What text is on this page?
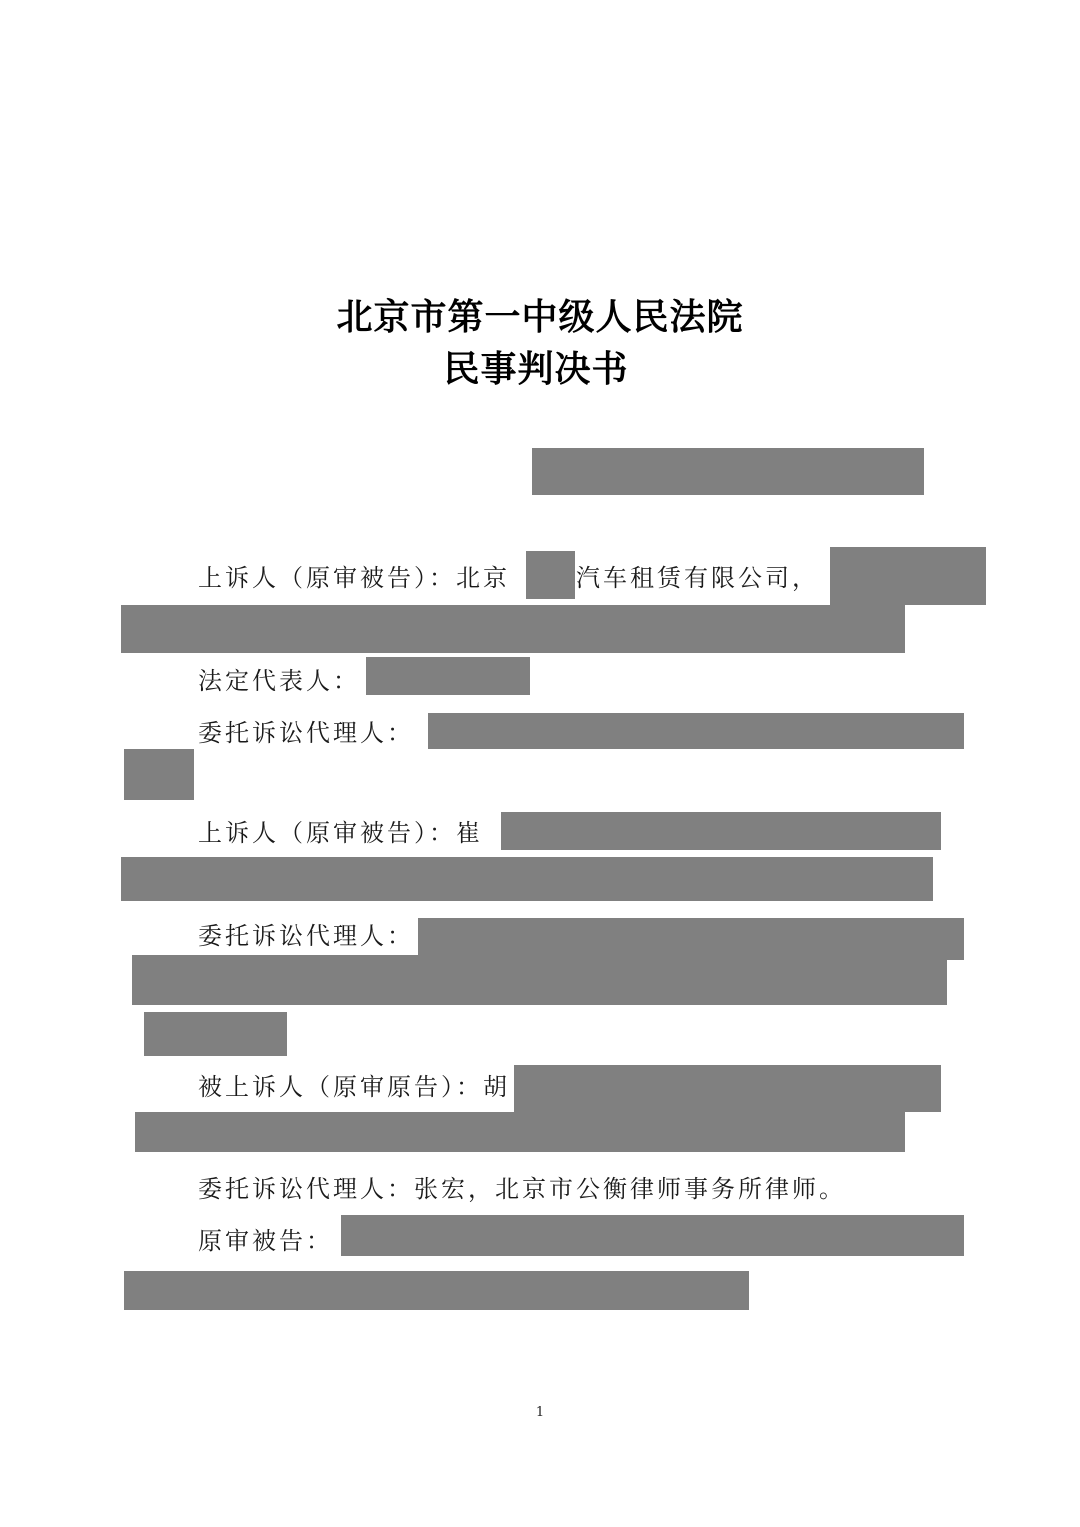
北京市第一中级人民法院
民事判决书
上诉人（原审被告）：北京	汽车租赁有限公司，
法定代表人：
委托诉讼代理人：
上诉人（原审被告）：崔
委托诉讼代理人：
被上诉人（原审原告）：胡
委托诉讼代理人：张宏，北京市公衡律师事务所律师。
原审被告：
1
